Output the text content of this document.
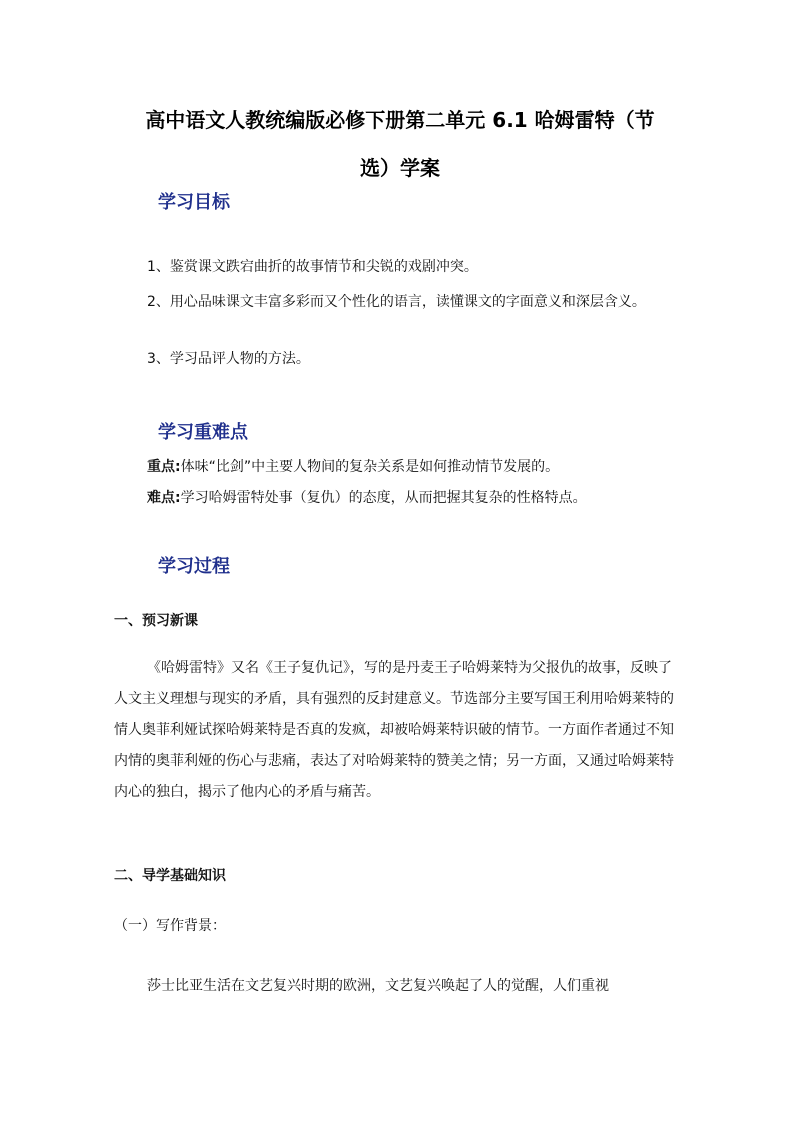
高中语文人教统编版必修下册第二单元 6.1 哈姆雷特（节
选）学案
学习目标

1、鉴赏课文跌宕曲折的故事情节和尖锐的戏剧冲突。

2、用心品味课文丰富多彩而又个性化的语言，读懂课文的字面意义和深层含义。

3、学习品评人物的方法。

学习重难点

重点:体味“比剑”中主要人物间的复杂关系是如何推动情节发展的。

难点:学习哈姆雷特处事（复仇）的态度，从而把握其复杂的性格特点。

学习过程

一、预习新课

《哈姆雷特》又名《王子复仇记》，写的是丹麦王子哈姆莱特为父报仇的故事，反映了人文主义理想与现实的矛盾，具有强烈的反封建意义。节选部分主要写国王利用哈姆莱特的情人奥菲利娅试探哈姆莱特是否真的发疯，却被哈姆莱特识破的情节。一方面作者通过不知内情的奥菲利娅的伤心与悲痛，表达了对哈姆莱特的赞美之情；另一方面，又通过哈姆莱特内心的独白，揭示了他内心的矛盾与痛苦。

二、导学基础知识

（一）写作背景：

莎士比亚生活在文艺复兴时期的欧洲，文艺复兴唤起了人的觉醒，人们重视
